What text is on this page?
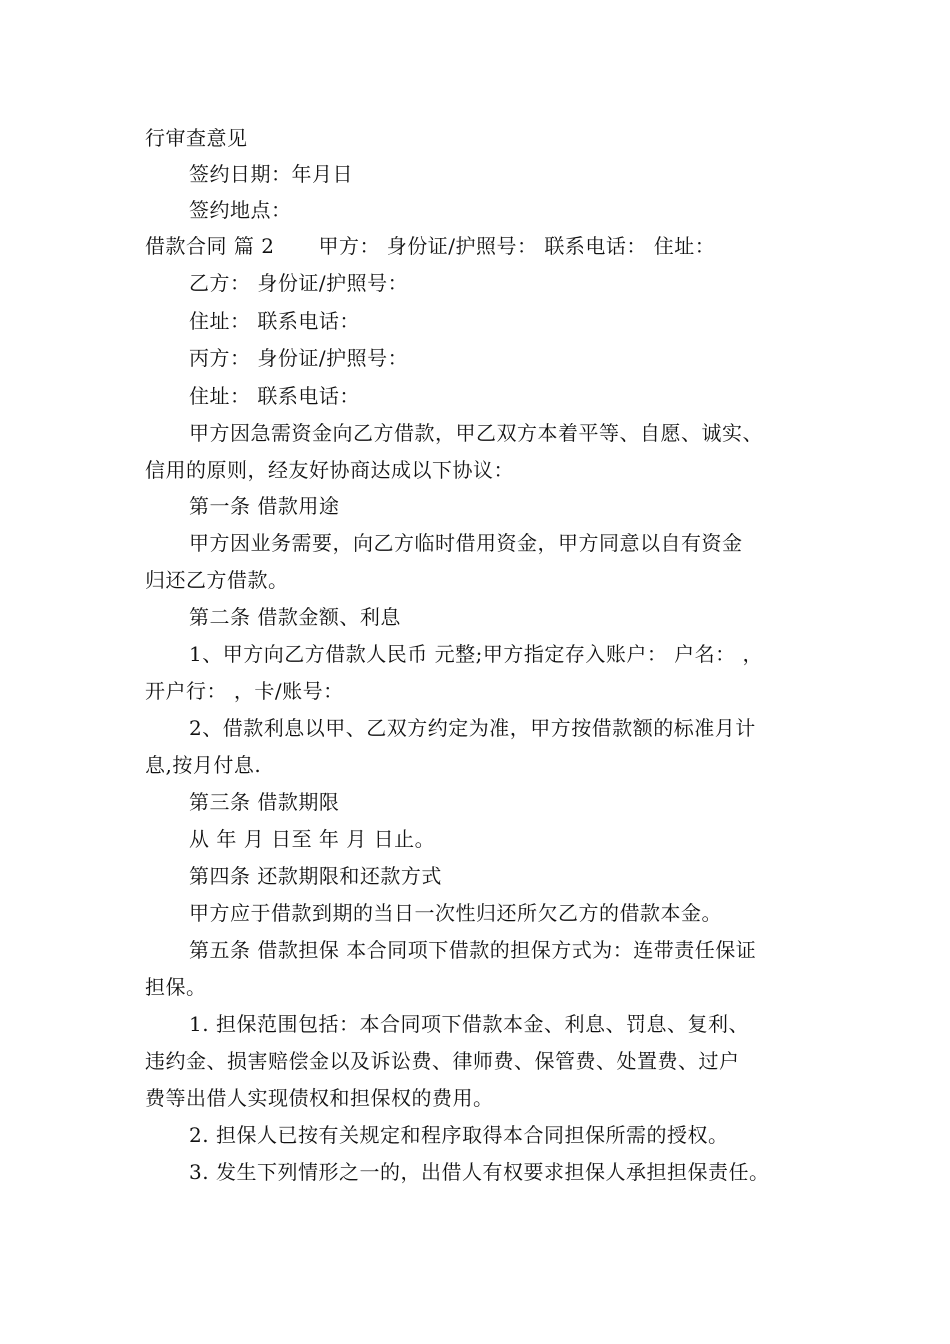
行审查意见
签约日期：年月日
签约地点：
借款合同 篇 2 甲方： 身份证/护照号： 联系电话： 住址：
乙方： 身份证/护照号：
住址： 联系电话：
丙方： 身份证/护照号：
住址： 联系电话：
甲方因急需资金向乙方借款，甲乙双方本着平等、自愿、诚实、
信用的原则，经友好协商达成以下协议：
第一条 借款用途
甲方因业务需要，向乙方临时借用资金，甲方同意以自有资金
归还乙方借款。
第二条 借款金额、利息
1、甲方向乙方借款人民币 元整;甲方指定存入账户： 户名： ，
开户行： ，卡/账号：
2、借款利息以甲、乙双方约定为准，甲方按借款额的标准月计
息,按月付息.
第三条 借款期限
从 年 月 日至 年 月 日止。
第四条 还款期限和还款方式
甲方应于借款到期的当日一次性归还所欠乙方的借款本金。
第五条 借款担保 本合同项下借款的担保方式为：连带责任保证
担保。
1. 担保范围包括：本合同项下借款本金、利息、罚息、复利、
违约金、损害赔偿金以及诉讼费、律师费、保管费、处置费、过户
费等出借人实现债权和担保权的费用。
2. 担保人已按有关规定和程序取得本合同担保所需的授权。
3. 发生下列情形之一的，出借人有权要求担保人承担担保责任。
